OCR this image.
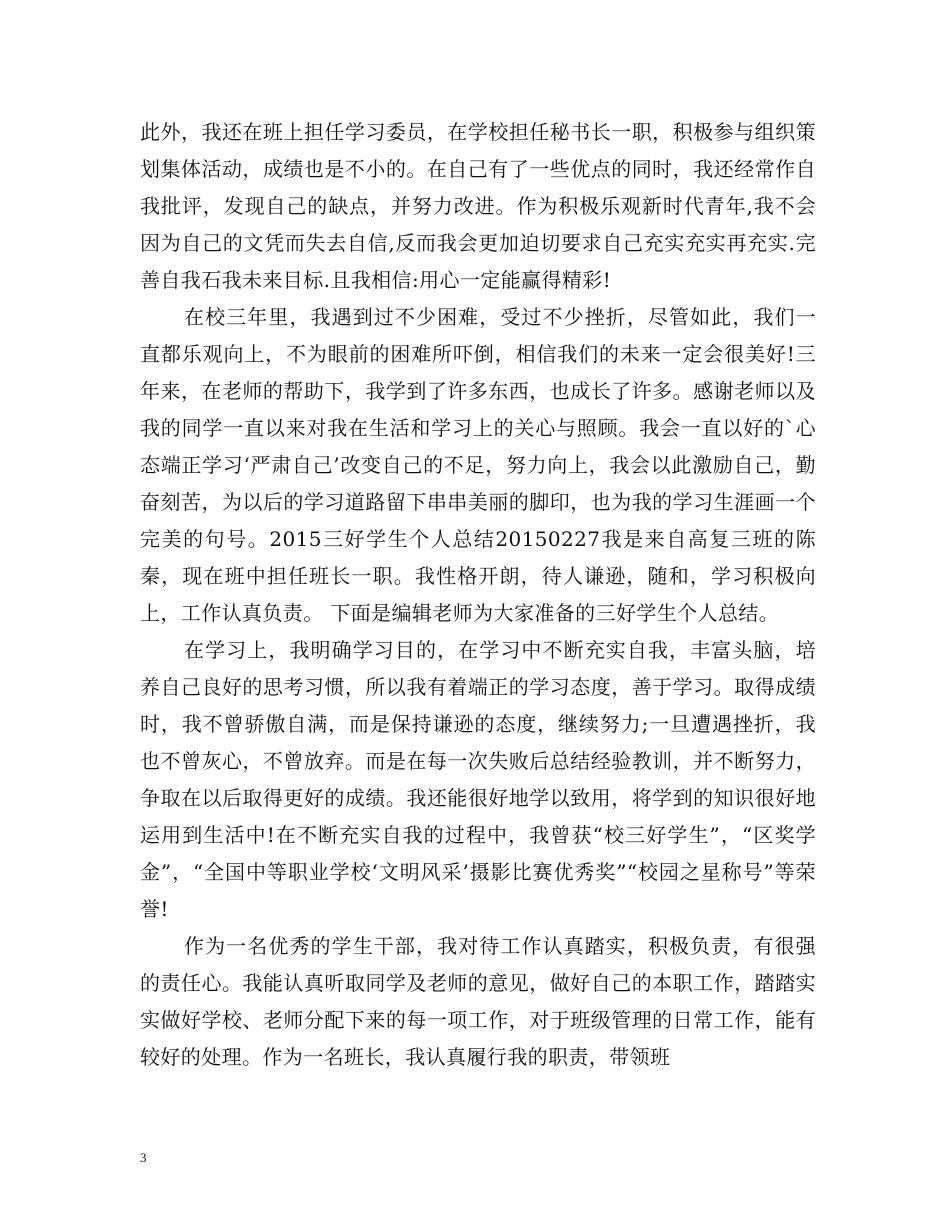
此外，我还在班上担任学习委员，在学校担任秘书长一职，积极参与组织策划集体活动，成绩也是不小的。在自己有了一些优点的同时，我还经常作自我批评，发现自己的缺点，并努力改进。作为积极乐观新时代青年,我不会因为自己的文凭而失去自信,反而我会更加迫切要求自己充实充实再充实.完善自我石我未来目标.且我相信:用心一定能赢得精彩!

在校三年里，我遇到过不少困难，受过不少挫折，尽管如此，我们一直都乐观向上，不为眼前的困难所吓倒，相信我们的未来一定会很美好!三年来，在老师的帮助下，我学到了许多东西，也成长了许多。感谢老师以及我的同学一直以来对我在生活和学习上的关心与照顾。我会一直以好的`心态端正学习‘严肃自己’改变自己的不足，努力向上，我会以此激励自己，勤奋刻苦，为以后的学习道路留下串串美丽的脚印，也为我的学习生涯画一个完美的句号。2015三好学生个人总结20150227我是来自高复三班的陈秦，现在班中担任班长一职。我性格开朗，待人谦逊，随和，学习积极向上，工作认真负责。 下面是编辑老师为大家准备的三好学生个人总结。

在学习上，我明确学习目的，在学习中不断充实自我，丰富头脑，培养自己良好的思考习惯，所以我有着端正的学习态度，善于学习。取得成绩时，我不曾骄傲自满，而是保持谦逊的态度，继续努力;一旦遭遇挫折，我也不曾灰心，不曾放弃。而是在每一次失败后总结经验教训，并不断努力，争取在以后取得更好的成绩。我还能很好地学以致用，将学到的知识很好地运用到生活中!在不断充实自我的过程中，我曾获“校三好学生”，“区奖学金”，“全国中等职业学校‘文明风采’摄影比赛优秀奖”“校园之星称号”等荣誉!

作为一名优秀的学生干部，我对待工作认真踏实，积极负责，有很强的责任心。我能认真听取同学及老师的意见，做好自己的本职工作，踏踏实实做好学校、老师分配下来的每一项工作，对于班级管理的日常工作，能有较好的处理。作为一名班长，我认真履行我的职责，带领班

3
